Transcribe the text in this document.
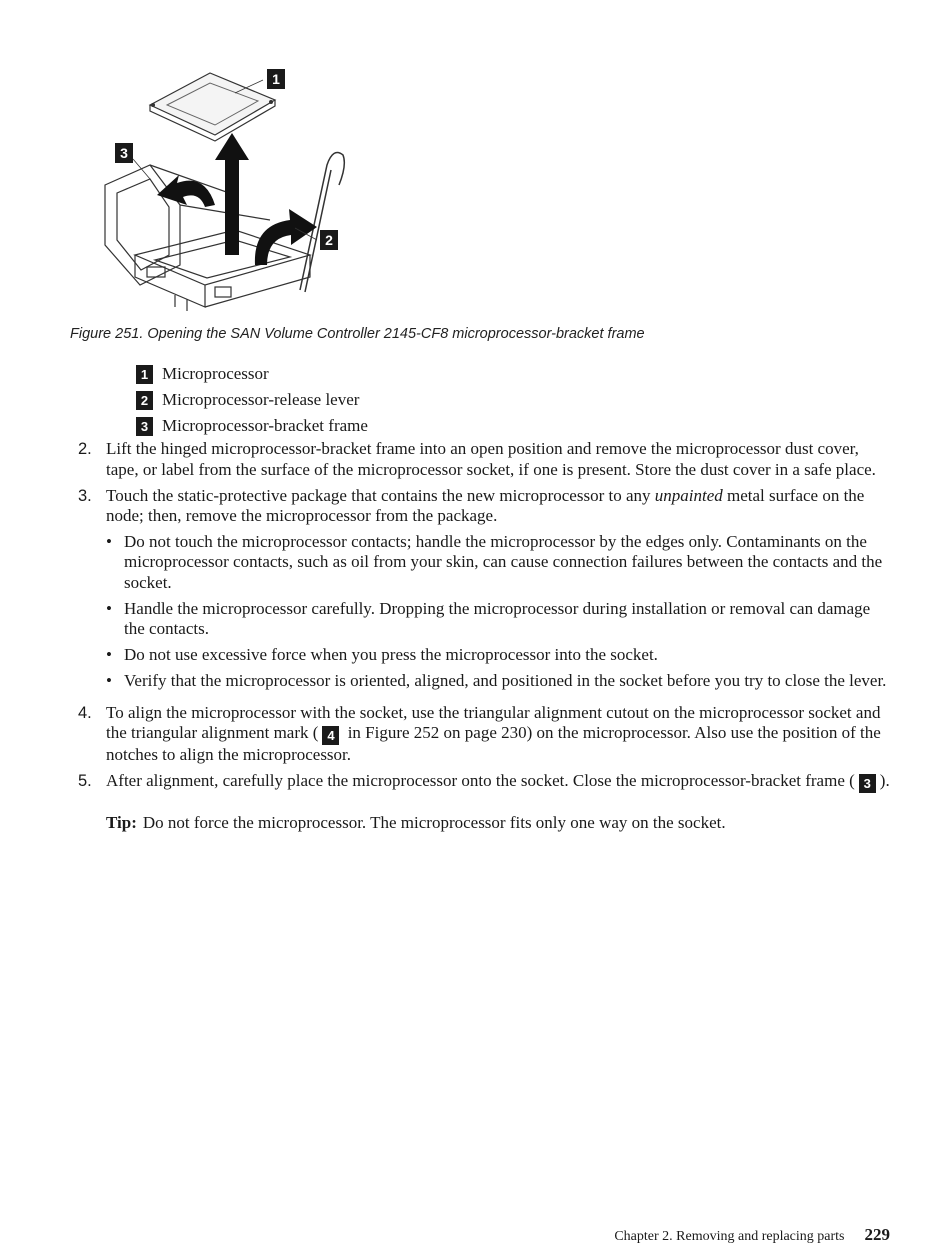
1
3
2
Figure 251. Opening the SAN Volume Controller 2145-CF8 microprocessor-bracket frame
1 Microprocessor
2 Microprocessor-release lever
3 Microprocessor-bracket frame
2. Lift the hinged microprocessor-bracket frame into an open position and remove the microprocessor dust cover, tape, or label from the surface of the microprocessor socket, if one is present. Store the dust cover in a safe place.
3. Touch the static-protective package that contains the new microprocessor to any unpainted metal surface on the node; then, remove the microprocessor from the package.
• Do not touch the microprocessor contacts; handle the microprocessor by the edges only. Contaminants on the microprocessor contacts, such as oil from your skin, can cause connection failures between the contacts and the socket.
• Handle the microprocessor carefully. Dropping the microprocessor during installation or removal can damage the contacts.
• Do not use excessive force when you press the microprocessor into the socket.
• Verify that the microprocessor is oriented, aligned, and positioned in the socket before you try to close the lever.
4. To align the microprocessor with the socket, use the triangular alignment cutout on the microprocessor socket and the triangular alignment mark ( 4 in Figure 252 on page 230) on the microprocessor. Also use the position of the notches to align the microprocessor.
5. After alignment, carefully place the microprocessor onto the socket. Close the microprocessor-bracket frame ( 3 ).
Tip: Do not force the microprocessor. The microprocessor fits only one way on the socket.
Chapter 2. Removing and replacing parts 229
